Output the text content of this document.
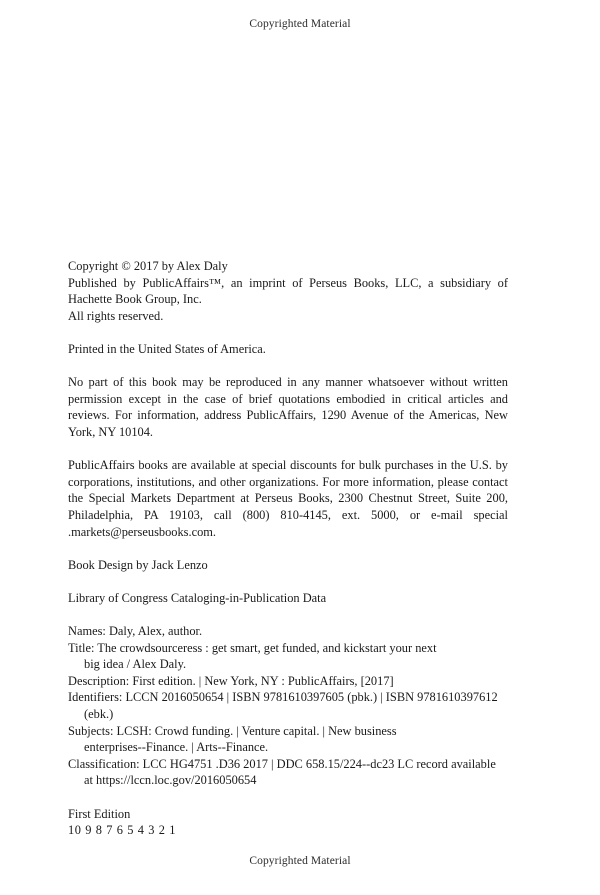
Copyrighted Material
Copyright © 2017 by Alex Daly
Published by PublicAffairs™, an imprint of Perseus Books, LLC, a subsidiary of Hachette Book Group, Inc.
All rights reserved.
Printed in the United States of America.
No part of this book may be reproduced in any manner whatsoever without written permission except in the case of brief quotations embodied in critical articles and reviews. For information, address PublicAffairs, 1290 Avenue of the Americas, New York, NY 10104.
PublicAffairs books are available at special discounts for bulk purchases in the U.S. by corporations, institutions, and other organizations. For more information, please contact the Special Markets Department at Perseus Books, 2300 Chestnut Street, Suite 200, Philadelphia, PA 19103, call (800) 810-4145, ext. 5000, or e-mail special .markets@perseusbooks.com.
Book Design by Jack Lenzo
Library of Congress Cataloging-in-Publication Data
Names: Daly, Alex, author.
Title: The crowdsourceress : get smart, get funded, and kickstart your next
big idea / Alex Daly.
Description: First edition. | New York, NY : PublicAffairs, [2017]
Identifiers: LCCN 2016050654 | ISBN 9781610397605 (pbk.) | ISBN 9781610397612
(ebk.)
Subjects: LCSH: Crowd funding. | Venture capital. | New business
enterprises--Finance. | Arts--Finance.
Classification: LCC HG4751 .D36 2017 | DDC 658.15/224--dc23 LC record available
at https://lccn.loc.gov/2016050654
First Edition
10 9 8 7 6 5 4 3 2 1
Copyrighted Material
